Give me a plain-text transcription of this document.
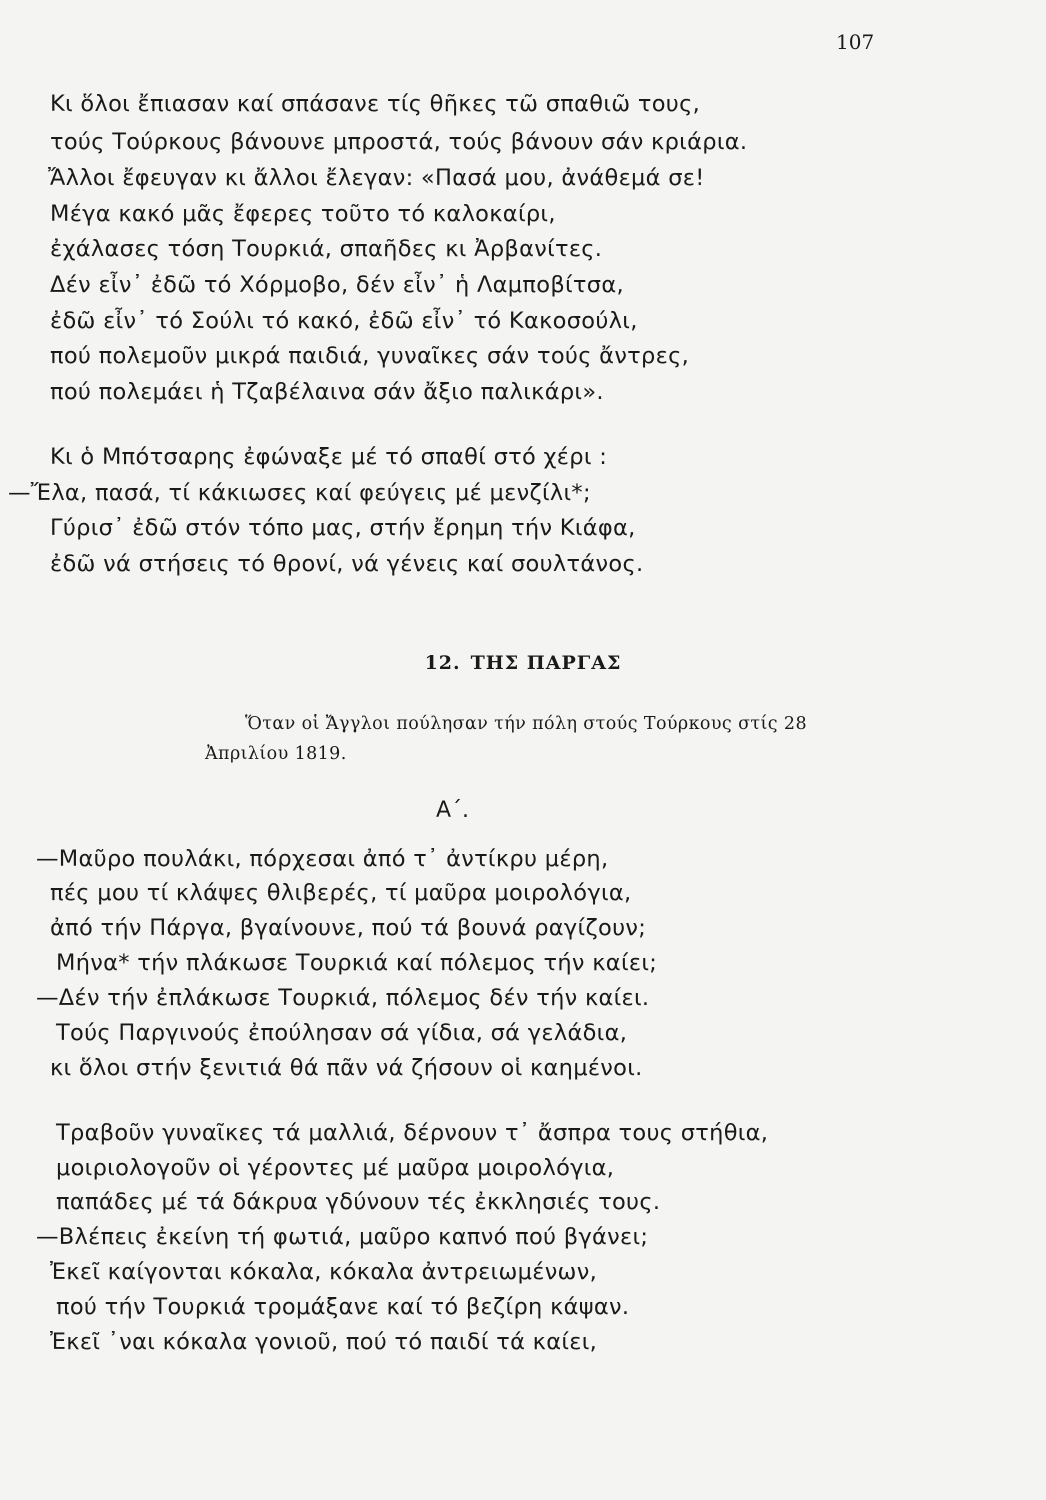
107
Κι ὅλοι ἔπιασαν καί σπάσανε τίς θῆκες τῶ σπαθιῶ τους,
τούς Τούρκους βάνουνε μπροστά, τούς βάνουν σάν κριάρια.
Ἄλλοι ἔφευγαν κι ἄλλοι ἔλεγαν: «Πασά μου, ἀνάθεμά σε!
Μέγα κακό μᾶς ἔφερες τοῦτο τό καλοκαίρι,
ἐχάλασες τόση Τουρκιά, σπαῆδες κι Ἀρβανίτες.
Δέν εἶν᾽ ἐδῶ τό Χόρμοβο, δέν εἶν᾽ ἡ Λαμποβίτσα,
ἐδῶ εἶν᾽ τό Σούλι τό κακό, ἐδῶ εἶν᾽ τό Κακοσούλι,
πού πολεμοῦν μικρά παιδιά, γυναῖκες σάν τούς ἄντρες,
πού πολεμάει ἡ Τζαβέλαινα σάν ἄξιο παλικάρι».
Κι ὁ Μπότσαρης ἐφώναξε μέ τό σπαθί στό χέρι :
—Ἔλα, πασά, τί κάκιωσες καί φεύγεις μέ μενζίλι*;
Γύρισ᾽ ἐδῶ στόν τόπο μας, στήν ἔρημη τήν Κιάφα,
ἐδῶ νά στήσεις τό θρονί, νά γένεις καί σουλτάνος.
12. ΤΗΣ ΠΑΡΓΑΣ
Ὅταν οἱ Ἄγγλοι πούλησαν τήν πόλη στούς Τούρκους στίς 28
Ἀπριλίου 1819.
Α΄.
—Μαῦρο πουλάκι, πόρχεσαι ἀπό τ᾽ ἀντίκρυ μέρη,
πές μου τί κλάψες θλιβερές, τί μαῦρα μοιρολόγια,
ἀπό τήν Πάργα, βγαίνουνε, πού τά βουνά ραγίζουν;
Μήνα* τήν πλάκωσε Τουρκιά καί πόλεμος τήν καίει;
—Δέν τήν ἐπλάκωσε Τουρκιά, πόλεμος δέν τήν καίει.
Τούς Παργινούς ἐπούλησαν σά γίδια, σά γελάδια,
κι ὅλοι στήν ξενιτιά θά πᾶν νά ζήσουν οἱ καημένοι.
Τραβοῦν γυναῖκες τά μαλλιά, δέρνουν τ᾽ ἄσπρα τους στήθια,
μοιριολογοῦν οἱ γέροντες μέ μαῦρα μοιρολόγια,
παπάδες μέ τά δάκρυα γδύνουν τές ἐκκλησιές τους.
—Βλέπεις ἐκείνη τή φωτιά, μαῦρο καπνό πού βγάνει;
Ἐκεῖ καίγονται κόκαλα, κόκαλα ἀντρειωμένων,
πού τήν Τουρκιά τρομάξανε καί τό βεζίρη κάψαν.
Ἐκεῖ ᾽ναι κόκαλα γονιοῦ, πού τό παιδί τά καίει,
